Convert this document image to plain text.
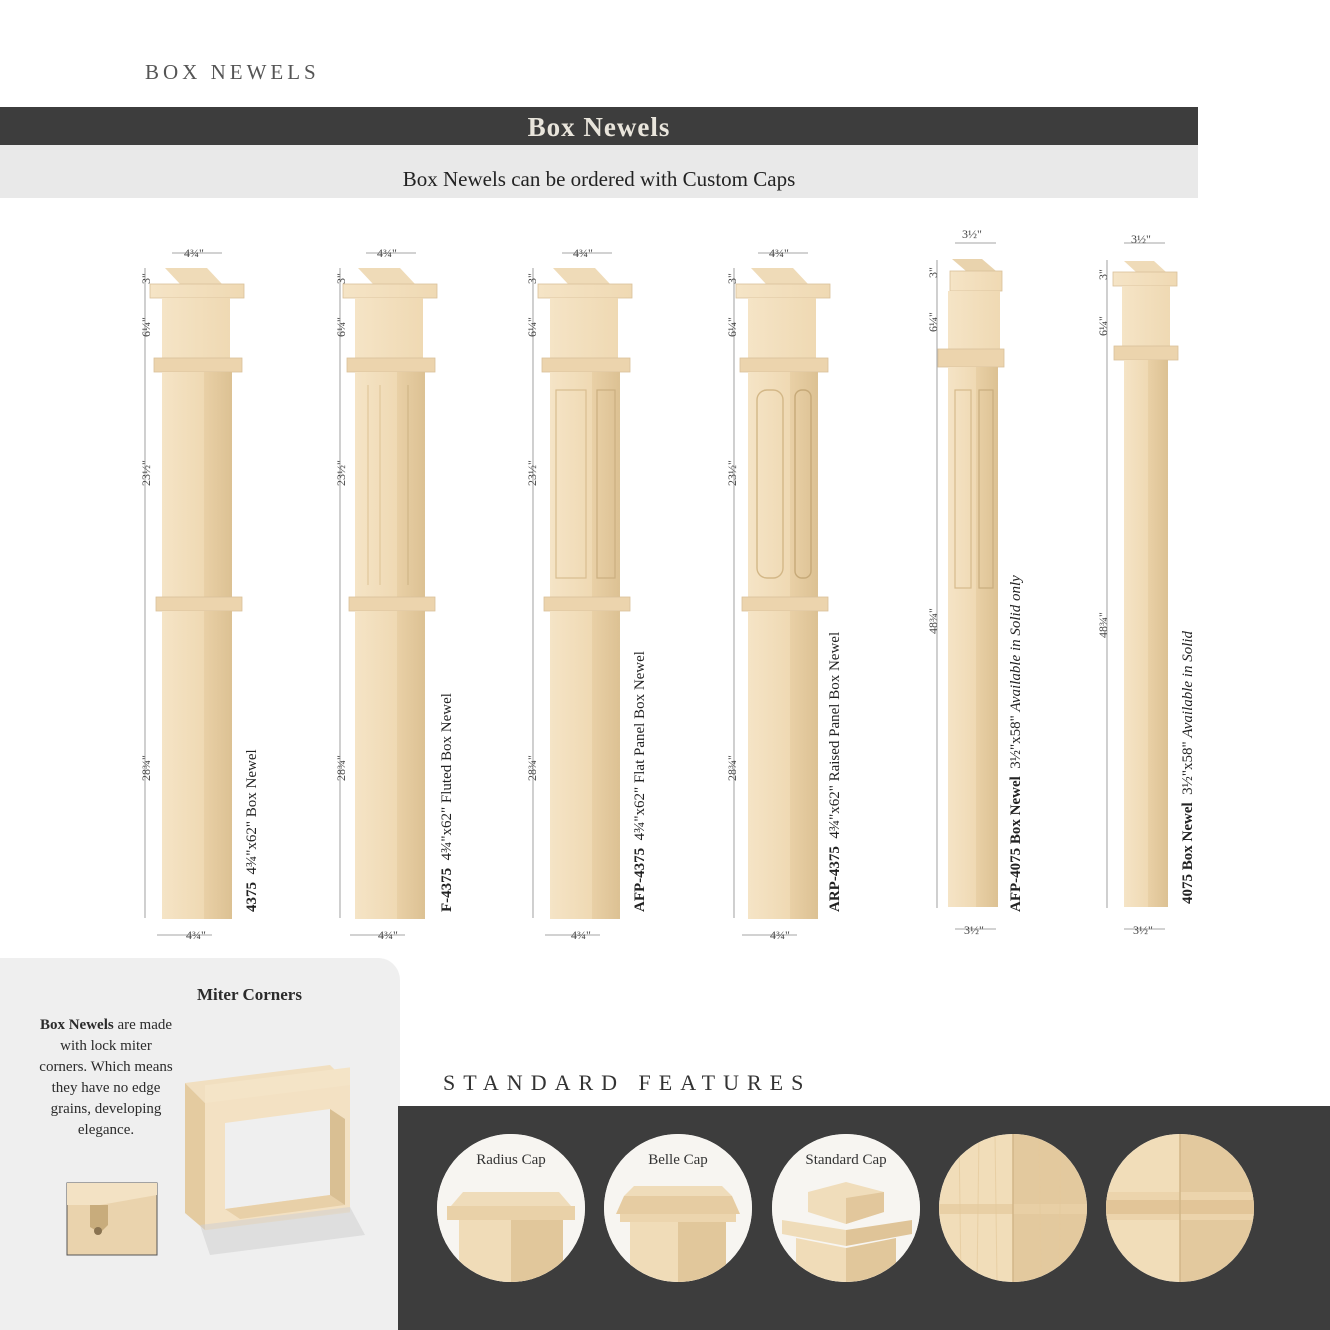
BOX NEWELS
Box Newels
Box Newels can be ordered with Custom Caps
4¾"	4¾"	4¾"	4¾"
3½"	3½"
4¾"	4¾"	4¾"	4¾"	3½"	3½"
3"
6¼"
23½"
28¾"
3"
6¼"
23½"
28¾"
3"
6¼"
23½"
28¾"
3"
6¼"
23½"
28¾"
3"
6¼"
48¾"
3"
6¼"
48¾"
4375  4¾"x62" Box Newel
F-4375  4¾"x62" Fluted Box Newel
AFP-4375  4¾"x62" Flat Panel Box Newel
ARP-4375  4¾"x62" Raised Panel Box Newel
AFP-4075 Box Newel  3½"x58" Available in Solid only
4075 Box Newel  3½"x58" Available in Solid
Miter Corners
Box Newels are made with lock miter corners. Which means they have no edge grains, developing elegance.
STANDARD FEATURES
Radius Cap	Belle Cap	Standard Cap
